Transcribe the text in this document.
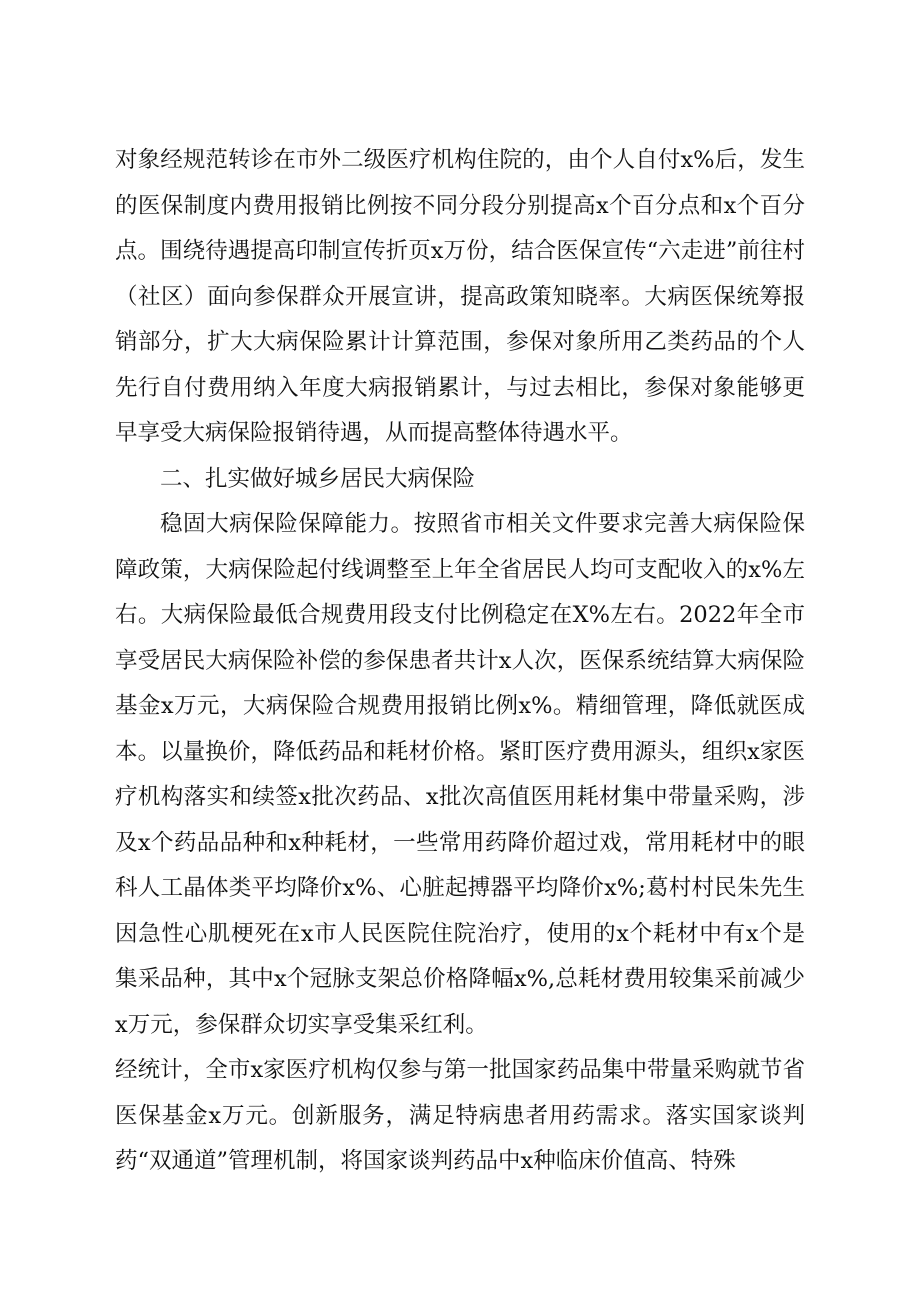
对象经规范转诊在市外二级医疗机构住院的，由个人自付x%后，发生的医保制度内费用报销比例按不同分段分别提高x个百分点和x个百分点。围绕待遇提高印制宣传折页x万份，结合医保宣传“六走进”前往村（社区）面向参保群众开展宣讲，提高政策知晓率。大病医保统筹报销部分，扩大大病保险累计计算范围，参保对象所用乙类药品的个人先行自付费用纳入年度大病报销累计，与过去相比，参保对象能够更早享受大病保险报销待遇，从而提高整体待遇水平。

二、扎实做好城乡居民大病保险

稳固大病保险保障能力。按照省市相关文件要求完善大病保险保障政策，大病保险起付线调整至上年全省居民人均可支配收入的x%左右。大病保险最低合规费用段支付比例稳定在X%左右。2022年全市享受居民大病保险补偿的参保患者共计x人次，医保系统结算大病保险基金x万元，大病保险合规费用报销比例x%。精细管理，降低就医成本。以量换价，降低药品和耗材价格。紧盯医疗费用源头，组织x家医疗机构落实和续签x批次药品、x批次高值医用耗材集中带量采购，涉及x个药品品种和x种耗材，一些常用药降价超过戏，常用耗材中的眼科人工晶体类平均降价x%、心脏起搏器平均降价x%;葛村村民朱先生因急性心肌梗死在x市人民医院住院治疗，使用的x个耗材中有x个是集采品种，其中x个冠脉支架总价格降幅x%,总耗材费用较集采前减少x万元，参保群众切实享受集采红利。

经统计，全市x家医疗机构仅参与第一批国家药品集中带量采购就节省医保基金x万元。创新服务，满足特病患者用药需求。落实国家谈判药“双通道”管理机制，将国家谈判药品中x种临床价值高、特殊
